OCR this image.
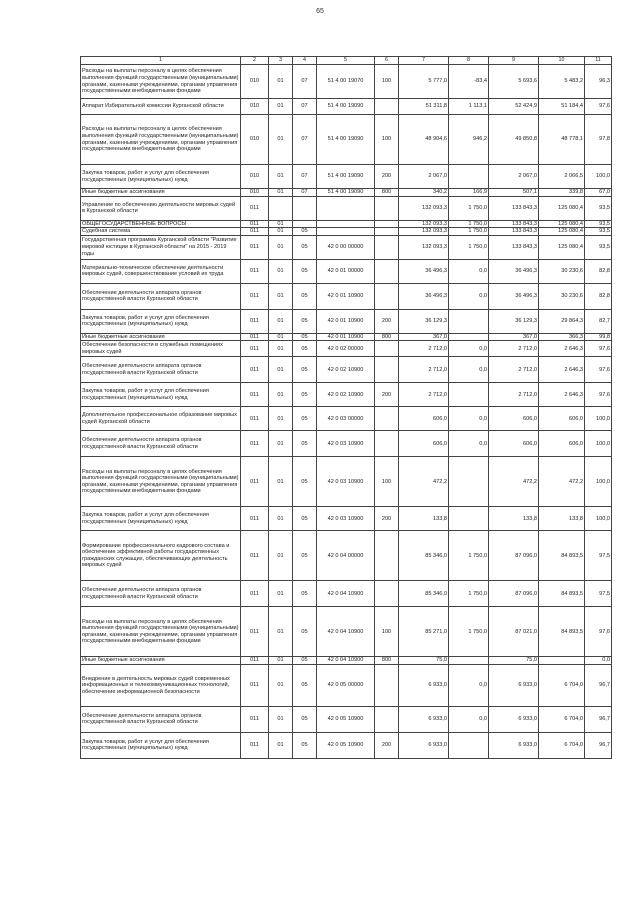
65
1	2	3	4	5	6	7	8	9	10	11
Расходы на выплаты персоналу в целях обеспечения выполнения функций государственными (муниципальными) органами, казенными учреждениями, органами управления государственными внебюджетными фондами	010	01	07	51 4 00 19070	100	5 777,0	-83,4	5 693,6	5 483,2	96,3
Аппарат Избирательной комиссии Курганской области	010	01	07	51 4 00 19090		51 311,8	1 113,1	52 424,9	51 184,4	97,6
Расходы на выплаты персоналу в целях обеспечения выполнения функций государственными (муниципальными) органами, казенными учреждениями, органами управления государственными внебюджетными фондами	010	01	07	51 4 00 19090	100	48 904,6	946,2	49 850,8	48 778,1	97,8
Закупка товаров, работ и услуг для обеспечения государственных (муниципальных) нужд	010	01	07	51 4 00 19090	200	2 067,0		2 067,0	2 066,5	100,0
Иные бюджетные ассигнования	010	01	07	51 4 00 19090	800	340,2	166,9	507,1	339,8	67,0
Управление по обеспечению деятельности мировых судей в Курганской области	011					132 093,3	1 750,0	133 843,3	125 080,4	93,5
ОБЩЕГОСУДАРСТВЕННЫЕ ВОПРОСЫ	011	01				132 093,3	1 750,0	133 843,3	125 080,4	93,5
Судебная система	011	01	05			132 093,3	1 750,0	133 843,3	125 080,4	93,5
Государственная программа Курганской области "Развитие мировой юстиции в Курганской области" на 2015 - 2019 годы	011	01	05	42 0 00 00000		132 093,3	1 750,0	133 843,3	125 080,4	93,5
Материально-техническое обеспечение деятельности мировых судей, совершенствование условий их труда	011	01	05	42 0 01 00000		36 496,3	0,0	36 496,3	30 230,6	82,8
Обеспечение деятельности аппарата органов государственной власти Курганской области	011	01	05	42 0 01 10900		36 496,3	0,0	36 496,3	30 230,6	82,8
Закупка товаров, работ и услуг для обеспечения государственных (муниципальных) нужд	011	01	05	42 0 01 10900	200	36 129,3		36 129,3	29 864,3	82,7
Иные бюджетные ассигнования	011	01	05	42 0 01 10900	800	367,0		367,0	366,3	99,8
Обеспечение безопасности в служебных помещениях мировых судей	011	01	05	42 0 02 00000		2 712,0	0,0	2 712,0	2 646,3	97,6
Обеспечение деятельности аппарата органов государственной власти Курганской области	011	01	05	42 0 02 10900		2 712,0	0,0	2 712,0	2 646,3	97,6
Закупка товаров, работ и услуг для обеспечения государственных (муниципальных) нужд	011	01	05	42 0 02 10900	200	2 712,0		2 712,0	2 646,3	97,6
Дополнительное профессиональное образование мировых судей Курганской области	011	01	05	42 0 03 00000		606,0	0,0	606,0	606,0	100,0
Обеспечение деятельности аппарата органов государственной власти Курганской области	011	01	05	42 0 03 10900		606,0	0,0	606,0	606,0	100,0
Расходы на выплаты персоналу в целях обеспечения выполнения функций государственными (муниципальными) органами, казенными учреждениями, органами управления государственными внебюджетными фондами	011	01	05	42 0 03 10900	100	472,2		472,2	472,2	100,0
Закупка товаров, работ и услуг для обеспечения государственных (муниципальных) нужд	011	01	05	42 0 03 10900	200	133,8		133,8	133,8	100,0
Формирование профессионального кадрового состава и обеспечение эффективной работы государственных гражданских служащих, обеспечивающих деятельность мировых судей	011	01	05	42 0 04 00000		85 346,0	1 750,0	87 096,0	84 893,5	97,5
Обеспечение деятельности аппарата органов государственной власти Курганской области	011	01	05	42 0 04 10900		85 346,0	1 750,0	87 096,0	84 893,5	97,5
Расходы на выплаты персоналу в целях обеспечения выполнения функций государственными (муниципальными) органами, казенными учреждениями, органами управления государственными внебюджетными фондами	011	01	05	42 0 04 10900	100	85 271,0	1 750,0	87 021,0	84 893,5	97,6
Иные бюджетные ассигнования	011	01	05	42 0 04 10900	800	75,0		75,0		0,0
Внедрение в деятельность мировых судей современных информационных и телекоммуникационных технологий, обеспечение информационной безопасности	011	01	05	42 0 05 00000		6 933,0	0,0	6 933,0	6 704,0	96,7
Обеспечение деятельности аппарата органов государственной власти Курганской области	011	01	05	42 0 05 10900		6 933,0	0,0	6 933,0	6 704,0	96,7
Закупка товаров, работ и услуг для обеспечения государственных (муниципальных) нужд	011	01	05	42 0 05 10900	200	6 933,0		6 933,0	6 704,0	96,7
